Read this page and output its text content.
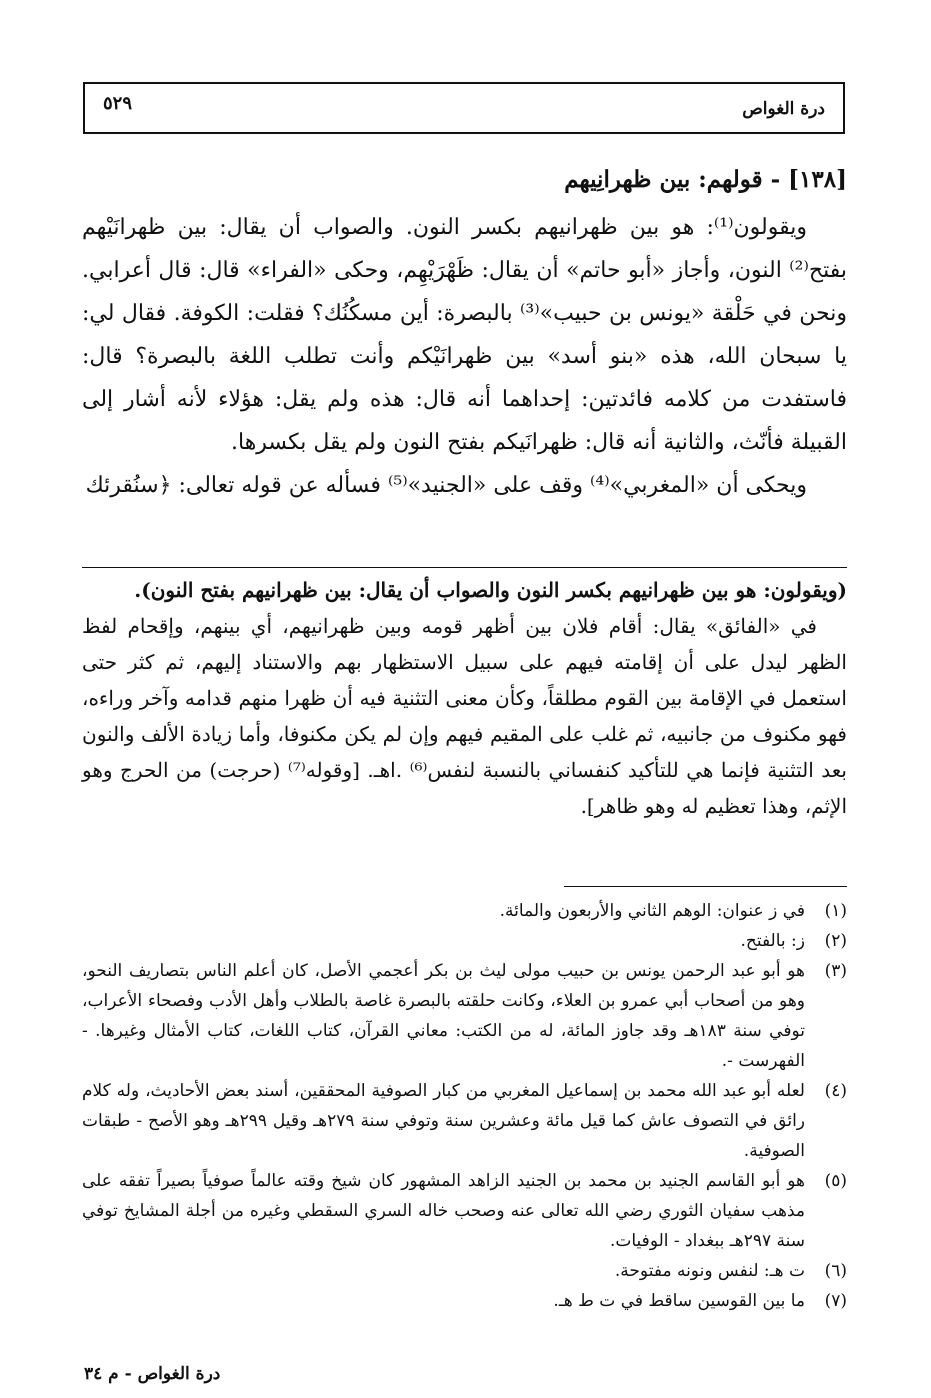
درة الغواص
٥٢٩
[١٣٨] - قولهم: بين ظهرانِيهم

ويقولون⁽¹⁾: هو بين ظهرانيهم بكسر النون. والصواب أن يقال: بين ظهرانَيْهم بفتح⁽²⁾ النون، وأجاز «أبو حاتم» أن يقال: ظَهْرَيْهِم، وحكى «الفراء» قال: قال أعرابي. ونحن في حَلْقة «يونس بن حبيب»⁽³⁾ بالبصرة: أين مسكُنُك؟ فقلت: الكوفة. فقال لي: يا سبحان الله، هذه «بنو أسد» بين ظهرانَيْكم وأنت تطلب اللغة بالبصرة؟ قال: فاستفدت من كلامه فائدتين: إحداهما أنه قال: هذه ولم يقل: هؤلاء لأنه أشار إلى القبيلة فأنّث، والثانية أنه قال: ظهرانَيكم بفتح النون ولم يقل بكسرها.

ويحكى أن «المغربي»⁽⁴⁾ وقف على «الجنيد»⁽⁵⁾ فسأله عن قوله تعالى: ﴿سنُقرئك

(ويقولون: هو بين ظهرانيهم بكسر النون والصواب أن يقال: بين ظهرانيهم بفتح النون).

في «الفائق» يقال: أقام فلان بين أظهر قومه وبين ظهرانيهم، أي بينهم، وإقحام لفظ الظهر ليدل على أن إقامته فيهم على سبيل الاستظهار بهم والاستناد إليهم، ثم كثر حتى استعمل في الإقامة بين القوم مطلقاً، وكأن معنى التثنية فيه أن ظهرا منهم قدامه وآخر وراءه، فهو مكنوف من جانبيه، ثم غلب على المقيم فيهم وإن لم يكن مكنوفا، وأما زيادة الألف والنون بعد التثنية فإنما هي للتأكيد كنفساني بالنسبة لنفس⁽⁶⁾ .اهـ. [وقوله⁽⁷⁾ (حرجت) من الحرج وهو الإثم، وهذا تعظيم له وهو ظاهر].

(١)
في ز عنوان: الوهم الثاني والأربعون والمائة.
(٢)
ز: بالفتح.
(٣)
هو أبو عبد الرحمن يونس بن حبيب مولى ليث بن بكر أعجمي الأصل، كان أعلم الناس بتصاريف النحو، وهو من أصحاب أبي عمرو بن العلاء، وكانت حلقته بالبصرة غاصة بالطلاب وأهل الأدب وفصحاء الأعراب، توفي سنة ١٨٣هـ وقد جاوز المائة، له من الكتب: معاني القرآن، كتاب اللغات، كتاب الأمثال وغيرها. - الفهرست -.
(٤)
لعله أبو عبد الله محمد بن إسماعيل المغربي من كبار الصوفية المحققين، أسند بعض الأحاديث، وله كلام رائق في التصوف عاش كما قيل مائة وعشرين سنة وتوفي سنة ٢٧٩هـ وقيل ٢٩٩هـ وهو الأصح - طبقات الصوفية.
(٥)
هو أبو القاسم الجنيد بن محمد بن الجنيد الزاهد المشهور كان شيخ وقته عالماً صوفياً بصيراً تفقه على مذهب سفيان الثوري رضي الله تعالى عنه وصحب خاله السري السقطي وغيره من أجلة المشايخ توفي سنة ٢٩٧هـ ببغداد - الوفيات.
(٦)
ت هـ: لنفس ونونه مفتوحة.
(٧)
ما بين القوسين ساقط في ت ط هـ.
درة الغواص - م ٣٤
